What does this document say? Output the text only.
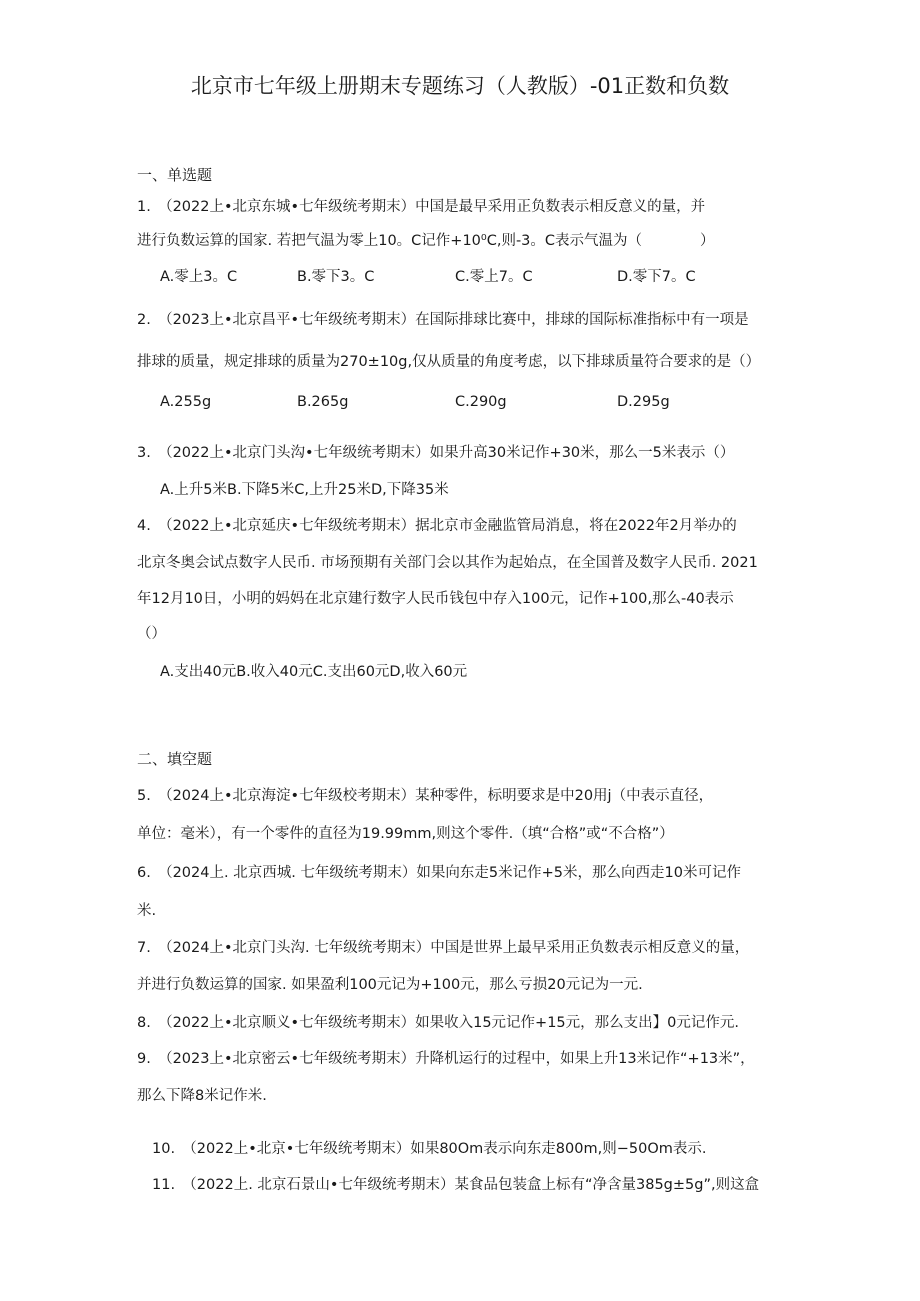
北京市七年级上册期末专题练习（人教版）-01正数和负数
一、单选题
1.　（2022上•北京东城•七年级统考期末）中国是最早采用正负数表示相反意义的量，并
进行负数运算的国家. 若把气温为零上10。C记作+10⁰C,则-3。C表示气温为（　　　　）
A.零上3。C	B.零下3。C	C.零上7。C	D.零下7。C
2.　（2023上•北京昌平•七年级统考期末）在国际排球比赛中，排球的国际标准指标中有一项是
排球的质量，规定排球的质量为270±10g,仅从质量的角度考虑，以下排球质量符合要求的是（）
A.255g	B.265g	C.290g	D.295g
3.　（2022上•北京门头沟•七年级统考期末）如果升高30米记作+30米，那么一5米表示（）
A.上升5米B.下降5米C,上升25米D,下降35米
4.　（2022上•北京延庆•七年级统考期末）据北京市金融监管局消息，将在2022年2月举办的
北京冬奥会试点数字人民币. 市场预期有关部门会以其作为起始点，在全国普及数字人民币. 2021
年12月10日，小明的妈妈在北京建行数字人民币钱包中存入100元，记作+100,那么-40表示
（）
A.支出40元B.收入40元C.支出60元D,收入60元
二、填空题
5.　（2024上•北京海淀•七年级校考期末）某种零件，标明要求是中20用j（中表示直径，
单位：毫米），有一个零件的直径为19.99mm,则这个零件.（填“合格”或“不合格”）
6.　（2024上. 北京西城. 七年级统考期末）如果向东走5米记作+5米，那么向西走10米可记作
米.
7.　（2024上•北京门头沟. 七年级统考期末）中国是世界上最早采用正负数表示相反意义的量，
并进行负数运算的国家. 如果盈利100元记为+100元，那么亏损20元记为一元.
8.　（2022上•北京顺义•七年级统考期末）如果收入15元记作+15元，那么支出】0元记作元.
9.　（2023上•北京密云•七年级统考期末）升降机运行的过程中，如果上升13米记作“+13米”，
那么下降8米记作米.
10.　（2022上•北京•七年级统考期末）如果80Om表示向东走800m,则−50Om表示.
11.　（2022上. 北京石景山•七年级统考期末）某食品包装盒上标有“净含量385g±5g”,则这盒
